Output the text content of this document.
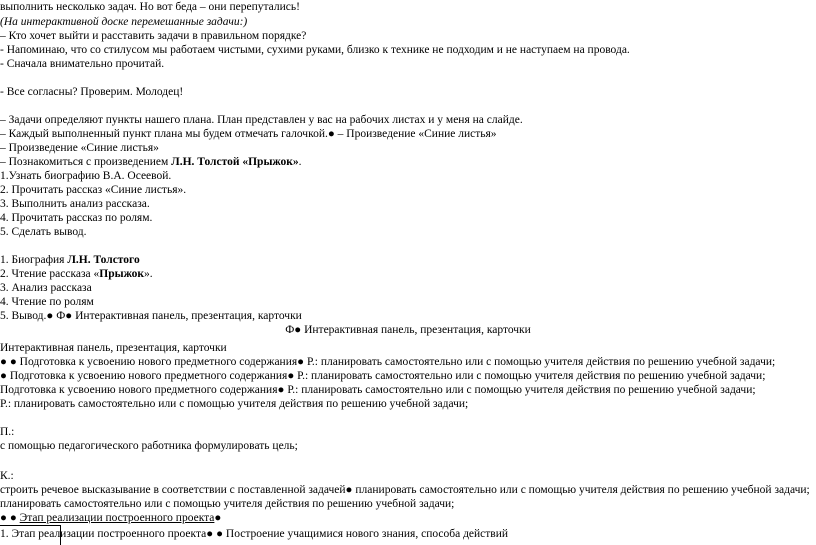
выполнить несколько задач. Но вот беда – они перепутались!
(На интерактивной доске перемешанные задачи:)
– Кто хочет выйти и расставить задачи в правильном порядке?
- Напоминаю, что со стилусом мы работаем чистыми, сухими руками, близко к технике не подходим и не наступаем на провода.
- Сначала внимательно прочитай.
- Все согласны? Проверим. Молодец!
– Задачи определяют пункты нашего плана. План представлен у вас на рабочих листах и у меня на слайде.
– Каждый выполненный пункт плана мы будем отмечать галочкой.● – Произведение «Синие листья»
– Произведение «Синие листья»
– Познакомиться с произведением Л.Н. Толстой «Прыжок».
1.Узнать биографию В.А. Осеевой.
2. Прочитать рассказ «Синие листья».
3. Выполнить анализ рассказа.
4. Прочитать рассказ по ролям.
5. Сделать вывод.
1. Биография Л.Н. Толстого
2. Чтение рассказа «Прыжок».
3. Анализ рассказа
4. Чтение по ролям
5. Вывод.● Ф● Интерактивная панель, презентация, карточки
Ф● Интерактивная панель, презентация, карточки
Интерактивная панель, презентация, карточки
● ● Подготовка к усвоению нового предметного содержания● Р.: планировать самостоятельно или с помощью учителя действия по решению учебной задачи;
● Подготовка к усвоению нового предметного содержания● Р.: планировать самостоятельно или с помощью учителя действия по решению учебной задачи;
Подготовка к усвоению нового предметного содержания● Р.: планировать самостоятельно или с помощью учителя действия по решению учебной задачи;
Р.: планировать самостоятельно или с помощью учителя действия по решению учебной задачи;
П.:
с помощью педагогического работника формулировать цель;
К.:
строить речевое высказывание в соответствии с поставленной задачей● планировать самостоятельно или с помощью учителя действия по решению учебной задачи;
планировать самостоятельно или с помощью учителя действия по решению учебной задачи;
● ● Этап реализации построенного проекта●
1. Этап реализации построенного проекта● ● Построение учащимися нового знания, способа действий
